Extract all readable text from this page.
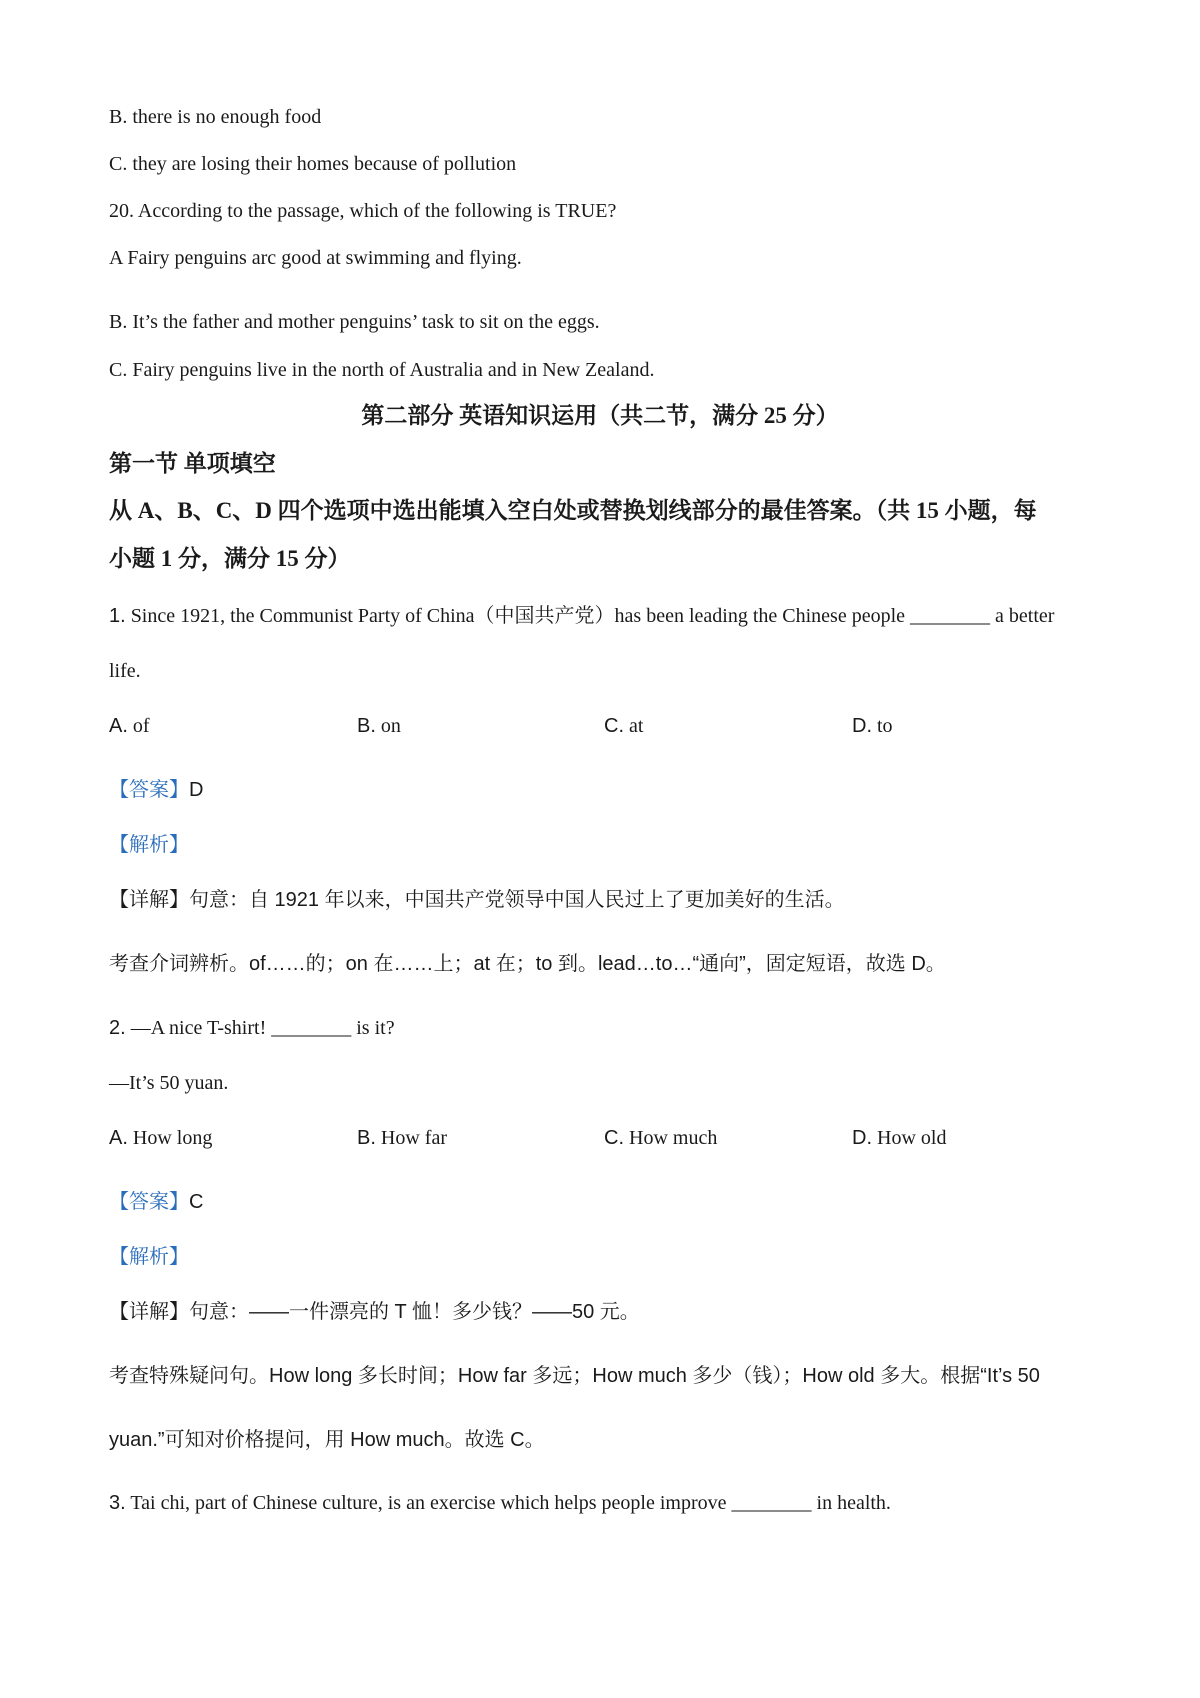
B. there is no enough food
C. they are losing their homes because of pollution
20. According to the passage, which of the following is TRUE?
A Fairy penguins arc good at swimming and flying.
B. It’s the father and mother penguins’ task to sit on the eggs.
C. Fairy penguins live in the north of Australia and in New Zealand.
第二部分 英语知识运用（共二节，满分 25 分）
第一节 单项填空
从 A、B、C、D 四个选项中选出能填入空白处或替换划线部分的最佳答案。（共 15 小题，每
小题 1 分，满分 15 分）
1. Since 1921, the Communist Party of China（中国共产党）has been leading the Chinese people ________ a better
life.
A. of	B. on	C. at	D. to
【答案】D
【解析】
【详解】句意：自 1921 年以来，中国共产党领导中国人民过上了更加美好的生活。
考查介词辨析。of……的；on 在……上；at 在；to 到。lead…to…“通向”，固定短语，故选 D。
2. —A nice T-shirt! ________ is it?
—It’s 50 yuan.
A. How long	B. How far	C. How much	D. How old
【答案】C
【解析】
【详解】句意：——一件漂亮的 T 恤！多少钱？——50 元。
考查特殊疑问句。How long 多长时间；How far 多远；How much 多少（钱）；How old 多大。根据“It’s 50
yuan.”可知对价格提问，用 How much。故选 C。
3. Tai chi, part of Chinese culture, is an exercise which helps people improve ________ in health.
